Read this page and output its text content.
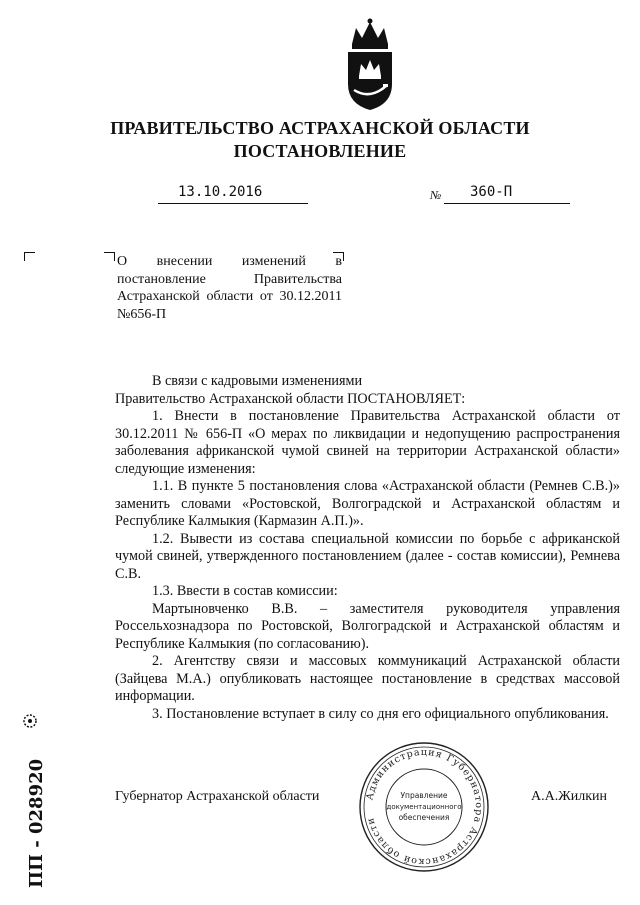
ПРАВИТЕЛЬСТВО АСТРАХАНСКОЙ ОБЛАСТИ
ПОСТАНОВЛЕНИЕ
13.10.2016	№ 360-П
О внесении изменений в постановление Правительства Астраханской области от 30.12.2011 №656-П

В связи с кадровыми изменениями

Правительство Астраханской области ПОСТАНОВЛЯЕТ:

1. Внести в постановление Правительства Астраханской области от 30.12.2011 № 656-П «О мерах по ликвидации и недопущению распространения заболевания африканской чумой свиней на территории Астраханской области» следующие изменения:

1.1. В пункте 5 постановления слова «Астраханской области (Ремнев С.В.)» заменить словами «Ростовской, Волгоградской и Астраханской областям и Республике Калмыкия (Кармазин А.П.)».

1.2. Вывести из состава специальной комиссии по борьбе с африканской чумой свиней, утвержденного постановлением (далее - состав комиссии), Ремнева С.В.

1.3. Ввести в состав комиссии:

Мартыновченко В.В. – заместителя руководителя управления Россельхознадзора по Ростовской, Волгоградской и Астраханской областям и Республике Калмыкия (по согласованию).

2. Агентству связи и массовых коммуникаций Астраханской области (Зайцева М.А.) опубликовать настоящее постановление в средствах массовой информации.

3. Постановление вступает в силу со дня его официального опубликования.

Губернатор Астраханской области	А.А.Жилкин
Администрация Губернатора Астраханской области
Управление
документационного
обеспечения
ПП - 028920
